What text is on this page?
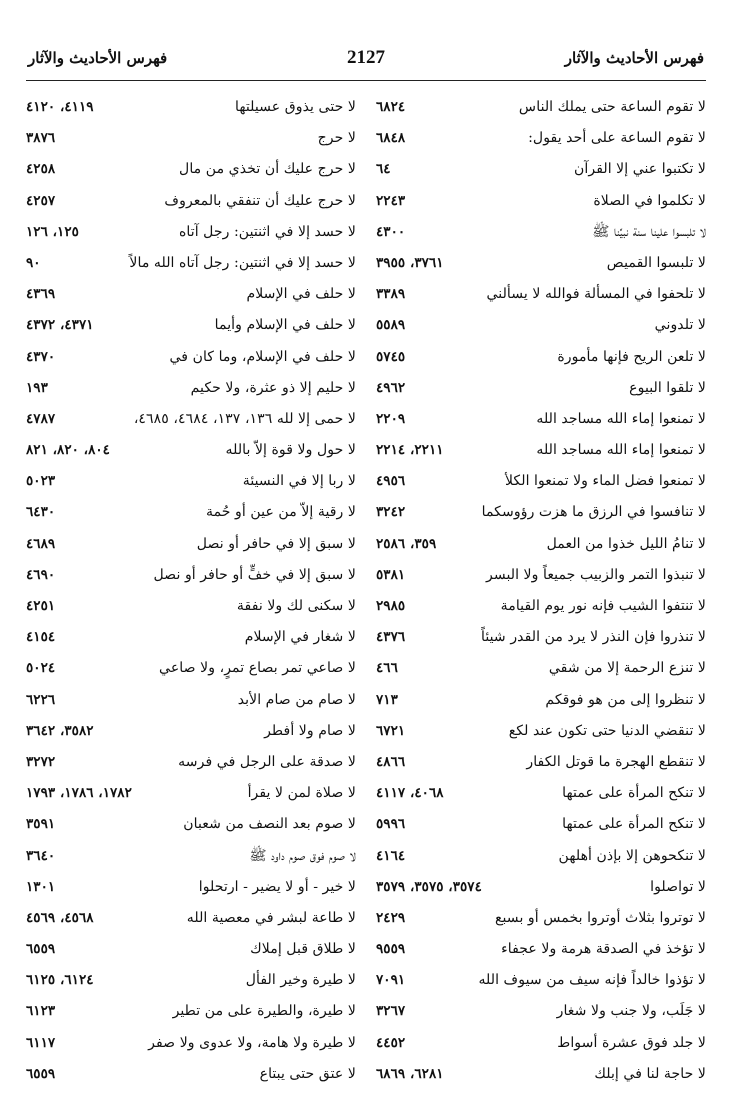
فهرس الأحاديث والآثار
2127
فهرس الأحاديث والآثار
لا تقوم الساعة حتى يملك الناس
٦٨٢٤
لا تقوم الساعة على أحد يقول:
٦٨٤٨
لا تكتبوا عني إلا القرآن
٦٤
لا تكلموا في الصلاة
٢٢٤٣
لا تلبسوا علينا سنة نبيِّنا ﷺ
٤٣٠٠
لا تلبسوا القميص
٣٧٦١، ٣٩٥٥
لا تلحفوا في المسألة فوالله لا يسألني
٣٣٨٩
لا تلدوني
٥٥٨٩
لا تلعن الريح فإنها مأمورة
٥٧٤٥
لا تلقوا البيوع
٤٩٦٢
لا تمنعوا إماء الله مساجد الله
٢٢٠٩
لا تمنعوا إماء الله مساجد الله
٢٢١١، ٢٢١٤
لا تمنعوا فضل الماء ولا تمنعوا الكلأ
٤٩٥٦
لا تنافسوا في الرزق ما هزت رؤوسكما
٣٢٤٢
لا تنامُ الليل خذوا من العمل
٣٥٩، ٢٥٨٦
لا تنبذوا التمر والزبيب جميعاً ولا البسر
٥٣٨١
لا تنتفوا الشيب فإنه نور يوم القيامة
٢٩٨٥
لا تنذروا فإن النذر لا يرد من القدر شيئاً
٤٣٧٦
لا تنزع الرحمة إلا من شقي
٤٦٦
لا تنظروا إلى من هو فوقكم
٧١٣
لا تنقضي الدنيا حتى تكون عند لكع
٦٧٢١
لا تنقطع الهجرة ما قوتل الكفار
٤٨٦٦
لا تنكح المرأة على عمتها
٤٠٦٨، ٤١١٧
لا تنكح المرأة على عمتها
٥٩٩٦
لا تنكحوهن إلا بإذن أهلهن
٤١٦٤
لا تواصلوا
٣٥٧٤، ٣٥٧٥، ٣٥٧٩
لا توتروا بثلاث أوتروا بخمس أو بسبع
٢٤٢٩
لا تؤخذ في الصدقة هرمة ولا عجفاء
٩٥٥٩
لا تؤذوا خالداً فإنه سيف من سيوف الله
٧٠٩١
لا جَلَب، ولا جنب ولا شغار
٣٢٦٧
لا جلد فوق عشرة أسواط
٤٤٥٢
لا حاجة لنا في إبلك
٦٢٨١، ٦٨٦٩
لا حتى يذوق عسيلتها
٤١١٩، ٤١٢٠
لا حرج
٣٨٧٦
لا حرج عليك أن تخذي من مال
٤٢٥٨
لا حرج عليك أن تنفقي بالمعروف
٤٢٥٧
لا حسد إلا في اثنتين: رجل آتاه
١٢٥، ١٢٦
لا حسد إلا في اثنتين: رجل آتاه الله مالاً
٩٠
لا حلف في الإسلام
٤٣٦٩
لا حلف في الإسلام وأيما
٤٣٧١، ٤٣٧٢
لا حلف في الإسلام، وما كان في
٤٣٧٠
لا حليم إلا ذو عثرة، ولا حكيم
١٩٣
لا حمى إلا لله ١٣٦، ١٣٧، ٤٦٨٤، ٤٦٨٥،
٤٧٨٧
لا حول ولا قوة إلاّ بالله
٨٠٤، ٨٢٠، ٨٢١
لا ربا إلا في النسيئة
٥٠٢٣
لا رقية إلاّ من عين أو حُمة
٦٤٣٠
لا سبق إلا في حافر أو نصل
٤٦٨٩
لا سبق إلا في خفٍّ أو حافر أو نصل
٤٦٩٠
لا سكنى لك ولا نفقة
٤٢٥١
لا شغار في الإسلام
٤١٥٤
لا صاعي تمر بصاع تمرٍ، ولا صاعي
٥٠٢٤
لا صام من صام الأبد
٦٢٢٦
لا صام ولا أفطر
٣٥٨٢، ٣٦٤٢
لا صدقة على الرجل في فرسه
٣٢٧٢
لا صلاة لمن لا يقرأ
١٧٨٢، ١٧٨٦، ١٧٩٣
لا صوم بعد النصف من شعبان
٣٥٩١
لا صوم فوق صوم داود ﷺ
٣٦٤٠
لا خير - أو لا يضير - ارتحلوا
١٣٠١
لا طاعة لبشر في معصية الله
٤٥٦٨، ٤٥٦٩
لا طلاق قبل إملاك
٦٥٥٩
لا طيرة وخير الفأل
٦١٢٤، ٦١٢٥
لا طيرة، والطيرة على من تطير
٦١٢٣
لا طيرة ولا هامة، ولا عدوى ولا صفر
٦١١٧
لا عتق حتى يبتاع
٦٥٥٩
